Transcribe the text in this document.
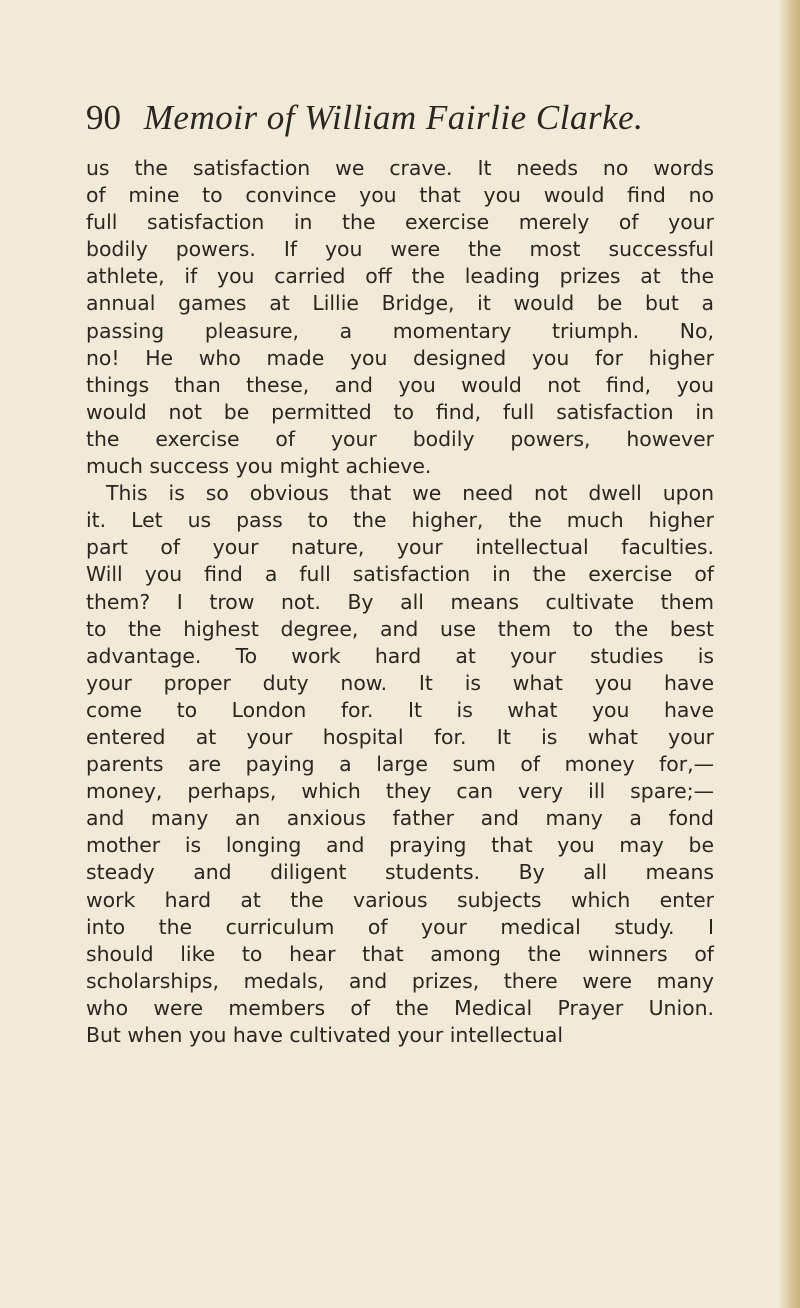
90 Memoir of William Fairlie Clarke.
us the satisfaction we crave. It needs no words
of mine to convince you that you would find no
full satisfaction in the exercise merely of your
bodily powers. If you were the most successful
athlete, if you carried off the leading prizes at the
annual games at Lillie Bridge, it would be but a
passing pleasure, a momentary triumph. No,
no! He who made you designed you for higher
things than these, and you would not find, you
would not be permitted to find, full satisfaction in
the exercise of your bodily powers, however
much success you might achieve.
This is so obvious that we need not dwell upon
it. Let us pass to the higher, the much higher
part of your nature, your intellectual faculties.
Will you find a full satisfaction in the exercise of
them? I trow not. By all means cultivate them
to the highest degree, and use them to the best
advantage. To work hard at your studies is
your proper duty now. It is what you have
come to London for. It is what you have
entered at your hospital for. It is what your
parents are paying a large sum of money for,—
money, perhaps, which they can very ill spare;—
and many an anxious father and many a fond
mother is longing and praying that you may be
steady and diligent students. By all means
work hard at the various subjects which enter
into the curriculum of your medical study. I
should like to hear that among the winners of
scholarships, medals, and prizes, there were many
who were members of the Medical Prayer Union.
But when you have cultivated your intellectual
